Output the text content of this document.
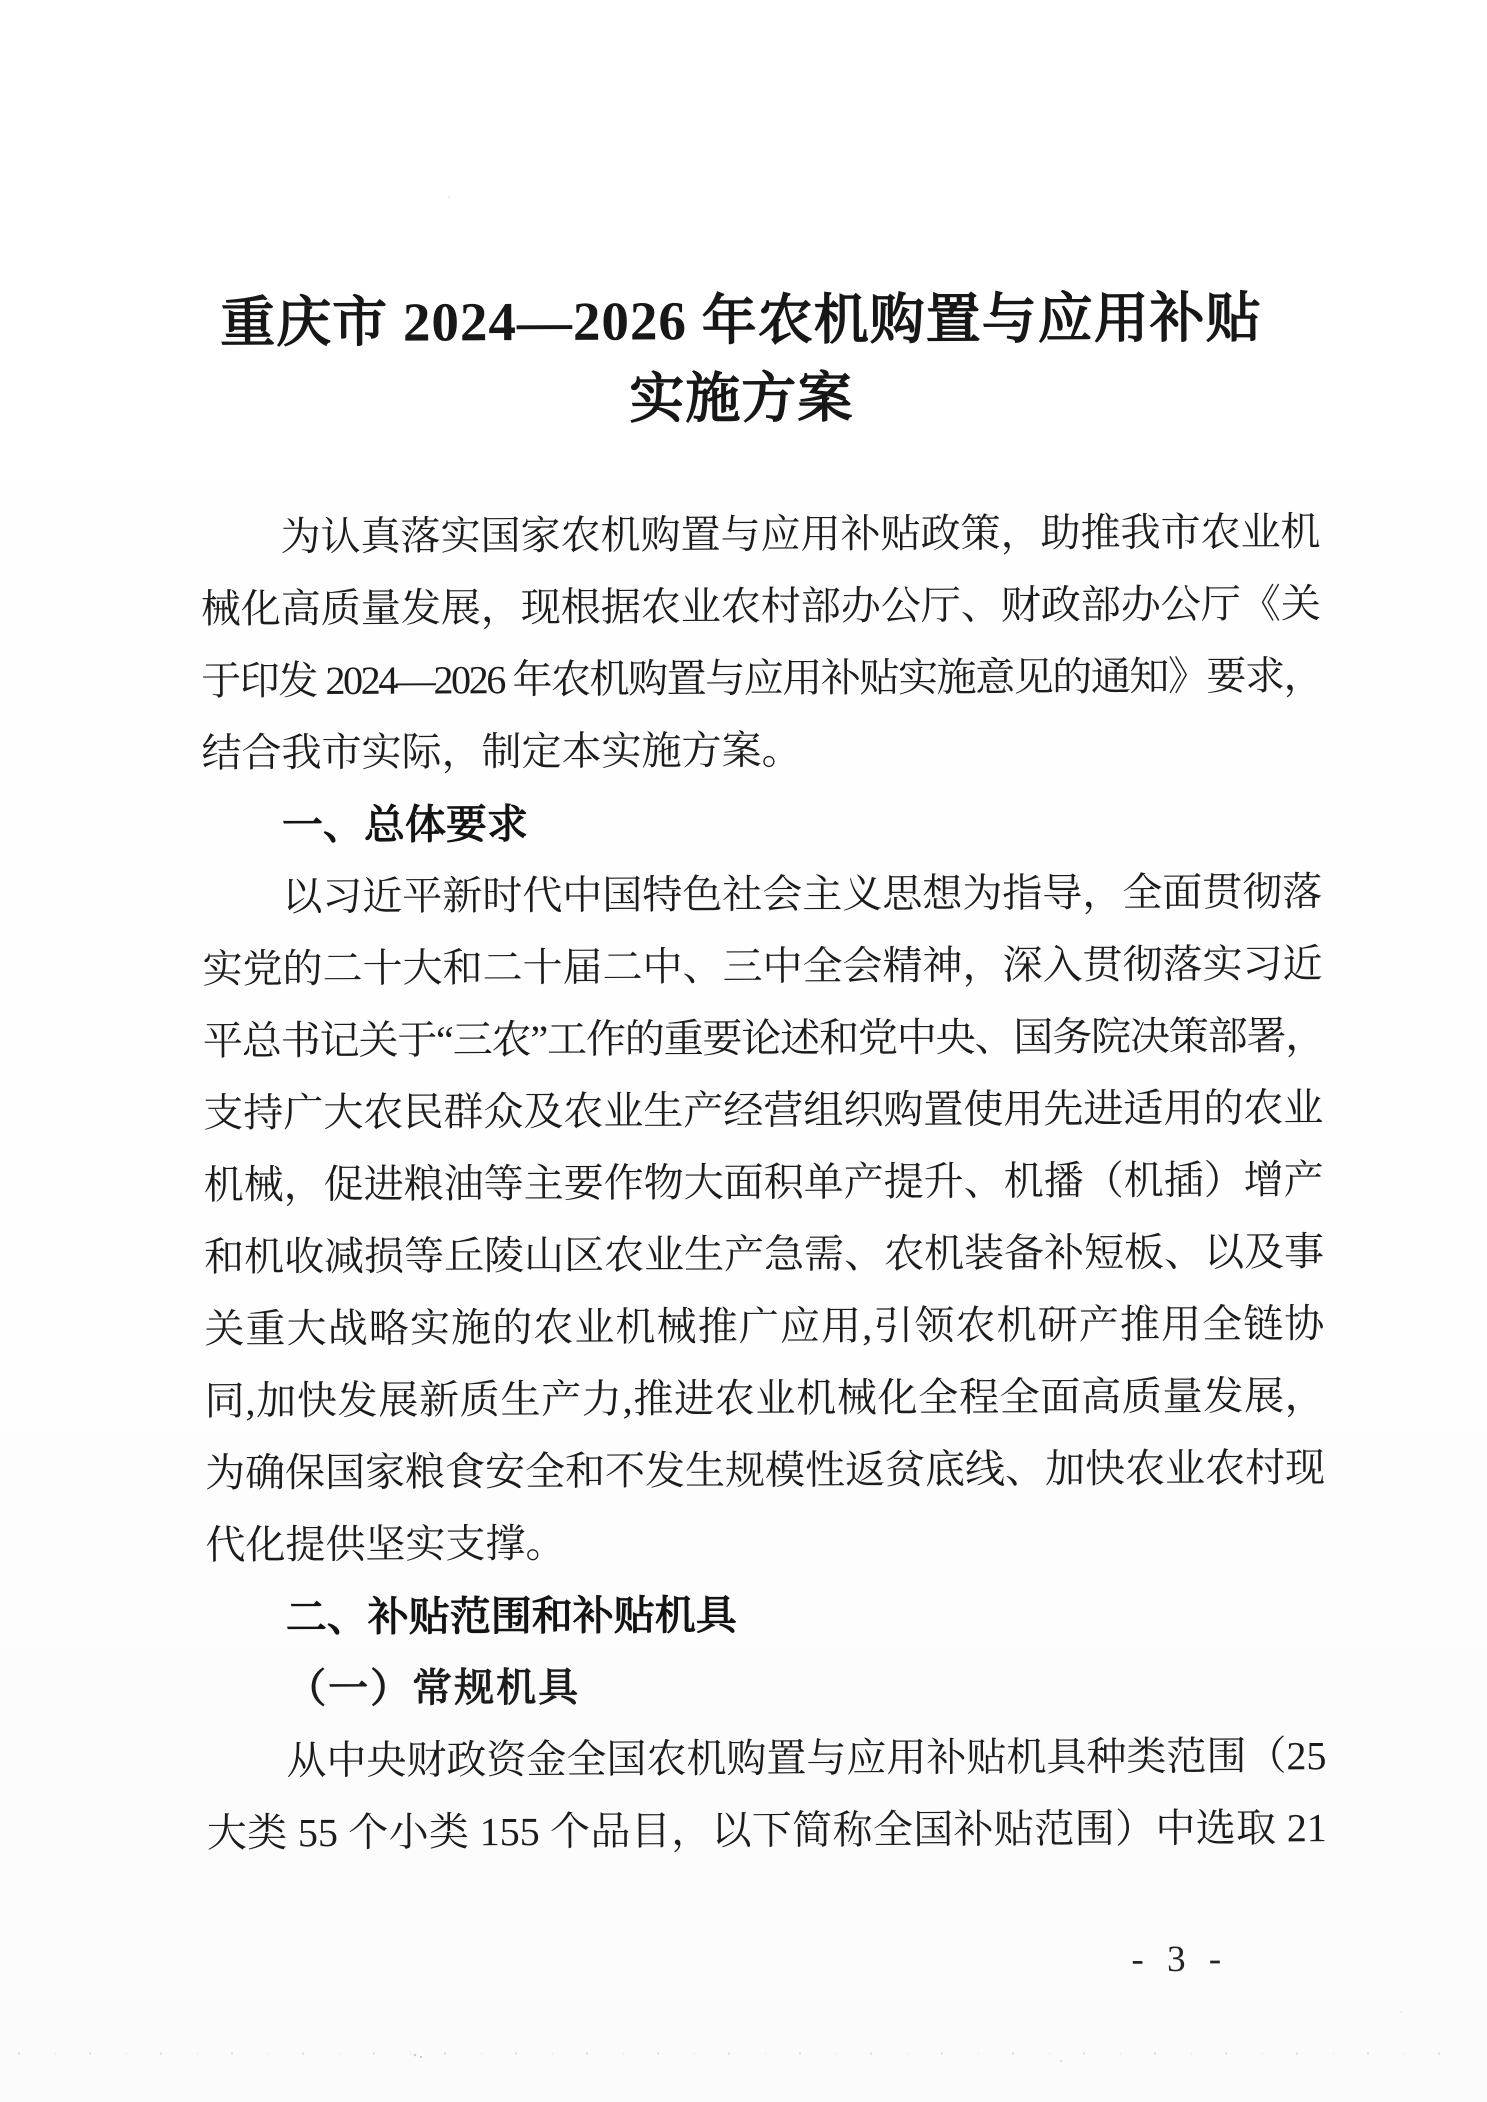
重庆市 2024—2026 年农机购置与应用补贴
实施方案
为认真落实国家农机购置与应用补贴政策，助推我市农业机
械化高质量发展，现根据农业农村部办公厅、财政部办公厅《关
于印发 2024—2026 年农机购置与应用补贴实施意见的通知》要求，
结合我市实际，制定本实施方案。
一、总体要求
以习近平新时代中国特色社会主义思想为指导，全面贯彻落
实党的二十大和二十届二中、三中全会精神，深入贯彻落实习近
平总书记关于“三农”工作的重要论述和党中央、国务院决策部署，
支持广大农民群众及农业生产经营组织购置使用先进适用的农业
机械，促进粮油等主要作物大面积单产提升、机播（机插）增产
和机收减损等丘陵山区农业生产急需、农机装备补短板、以及事
关重大战略实施的农业机械推广应用,引领农机研产推用全链协
同,加快发展新质生产力,推进农业机械化全程全面高质量发展，
为确保国家粮食安全和不发生规模性返贫底线、加快农业农村现
代化提供坚实支撑。
二、补贴范围和补贴机具
（一）常规机具
从中央财政资金全国农机购置与应用补贴机具种类范围（25
大类 55 个小类 155 个品目，以下简称全国补贴范围）中选取 21
- 3 -
